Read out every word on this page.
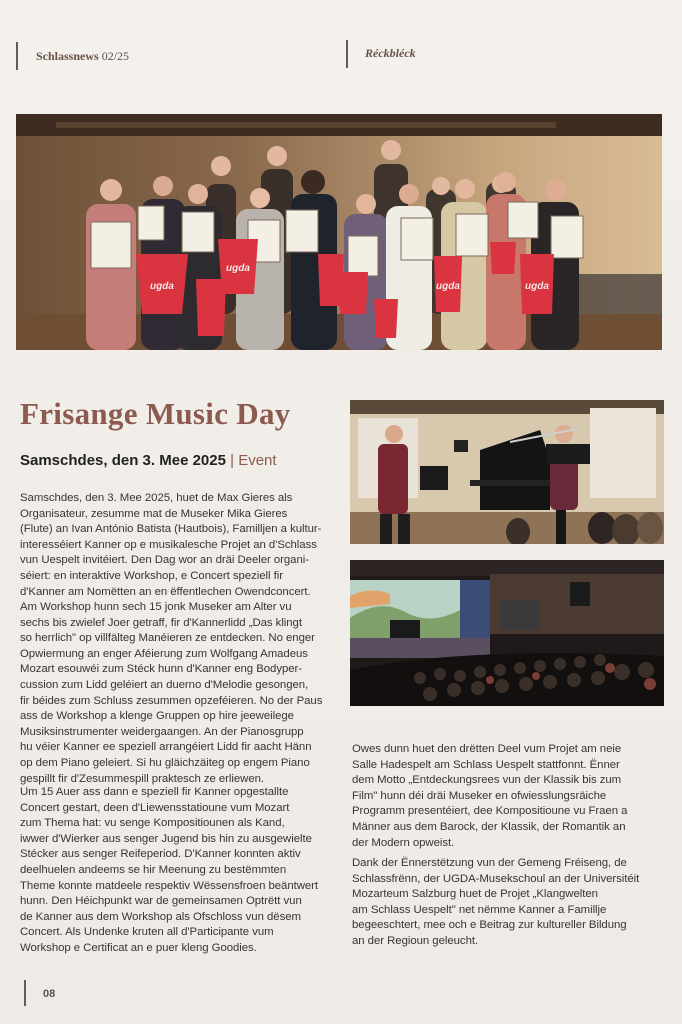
Schlassnews 02/25	Réckbléck
ugda
ugda
ugda	ugda
Frisange Music Day
Samschdes, den 3. Mee 2025 | Event

Samschdes, den 3. Mee 2025, huet de Max Gieres als
Organisateur, zesumme mat de Museker Mika Gieres
(Flute) an Ivan António Batista (Hautbois), Familljen a kultur-
interesséiert Kanner op e musikalesche Projet an d'Schlass
vun Uespelt invitéiert. Den Dag wor an dräi Deeler organi-
séiert: en interaktive Workshop, e Concert speziell fir
d'Kanner am Nomëtten an en ëffentlechen Owendconcert.

Am Workshop hunn sech 15 jonk Museker am Alter vu
sechs bis zwielef Joer getraff, fir d'Kannerlidd „Das klingt
so herrlich" op villfälteg Manéieren ze entdecken. No enger
Opwiermung an enger Aféierung zum Wolfgang Amadeus
Mozart esouwéi zum Stéck hunn d'Kanner eng Bodyper-
cussion zum Lidd geléiert an duerno d'Melodie gesongen,
fir béides zum Schluss zesummen opzeféieren. No der Paus
ass de Workshop a klenge Gruppen op hire jeeweilege
Musiksinstrumenter weidergaangen. An der Pianosgrupp
hu véier Kanner ee speziell arrangéiert Lidd fir aacht Hänn
op dem Piano geleiert. Si hu gläichzäiteg op engem Piano
gespillt fir d'Zesummespill praktesch ze erliewen.

Um 15 Auer ass dann e speziell fir Kanner opgestallte
Concert gestart, deen d'Liewensstatioune vum Mozart
zum Thema hat: vu senge Kompositiounen als Kand,
iwwer d'Wierker aus senger Jugend bis hin zu ausgewielte
Stécker aus senger Reifeperiod. D'Kanner konnten aktiv
deelhuelen andeems se hir Meenung zu bestëmmten
Theme konnte matdeele respektiv Wëssensfroen beäntwert
hunn. Den Héichpunkt war de gemeinsamen Optrëtt vun
de Kanner aus dem Workshop als Ofschloss vun dësem
Concert. Als Undenke kruten all d'Participante vum
Workshop e Certificat an e puer kleng Goodies.

Owes dunn huet den drëtten Deel vum Projet am neie
Salle Hadespelt am Schlass Uespelt stattfonnt. Ënner
dem Motto „Entdeckungsrees vun der Klassik bis zum
Film" hunn déi dräi Museker en ofwiesslungsräiche
Programm presentéiert, dee Kompositioune vu Fraen a
Männer aus dem Barock, der Klassik, der Romantik an
der Modern opweist.

Dank der Ënnerstëtzung vun der Gemeng Fréiseng, de
Schlassfrënn, der UGDA-Musekschoul an der Universitéit
Mozarteum Salzburg huet de Projet „Klangwelten
am Schlass Uespelt" net nëmme Kanner a Famillje
begeeschtert, mee och e Beitrag zur kultureller Bildung
an der Regioun geleucht.

08
